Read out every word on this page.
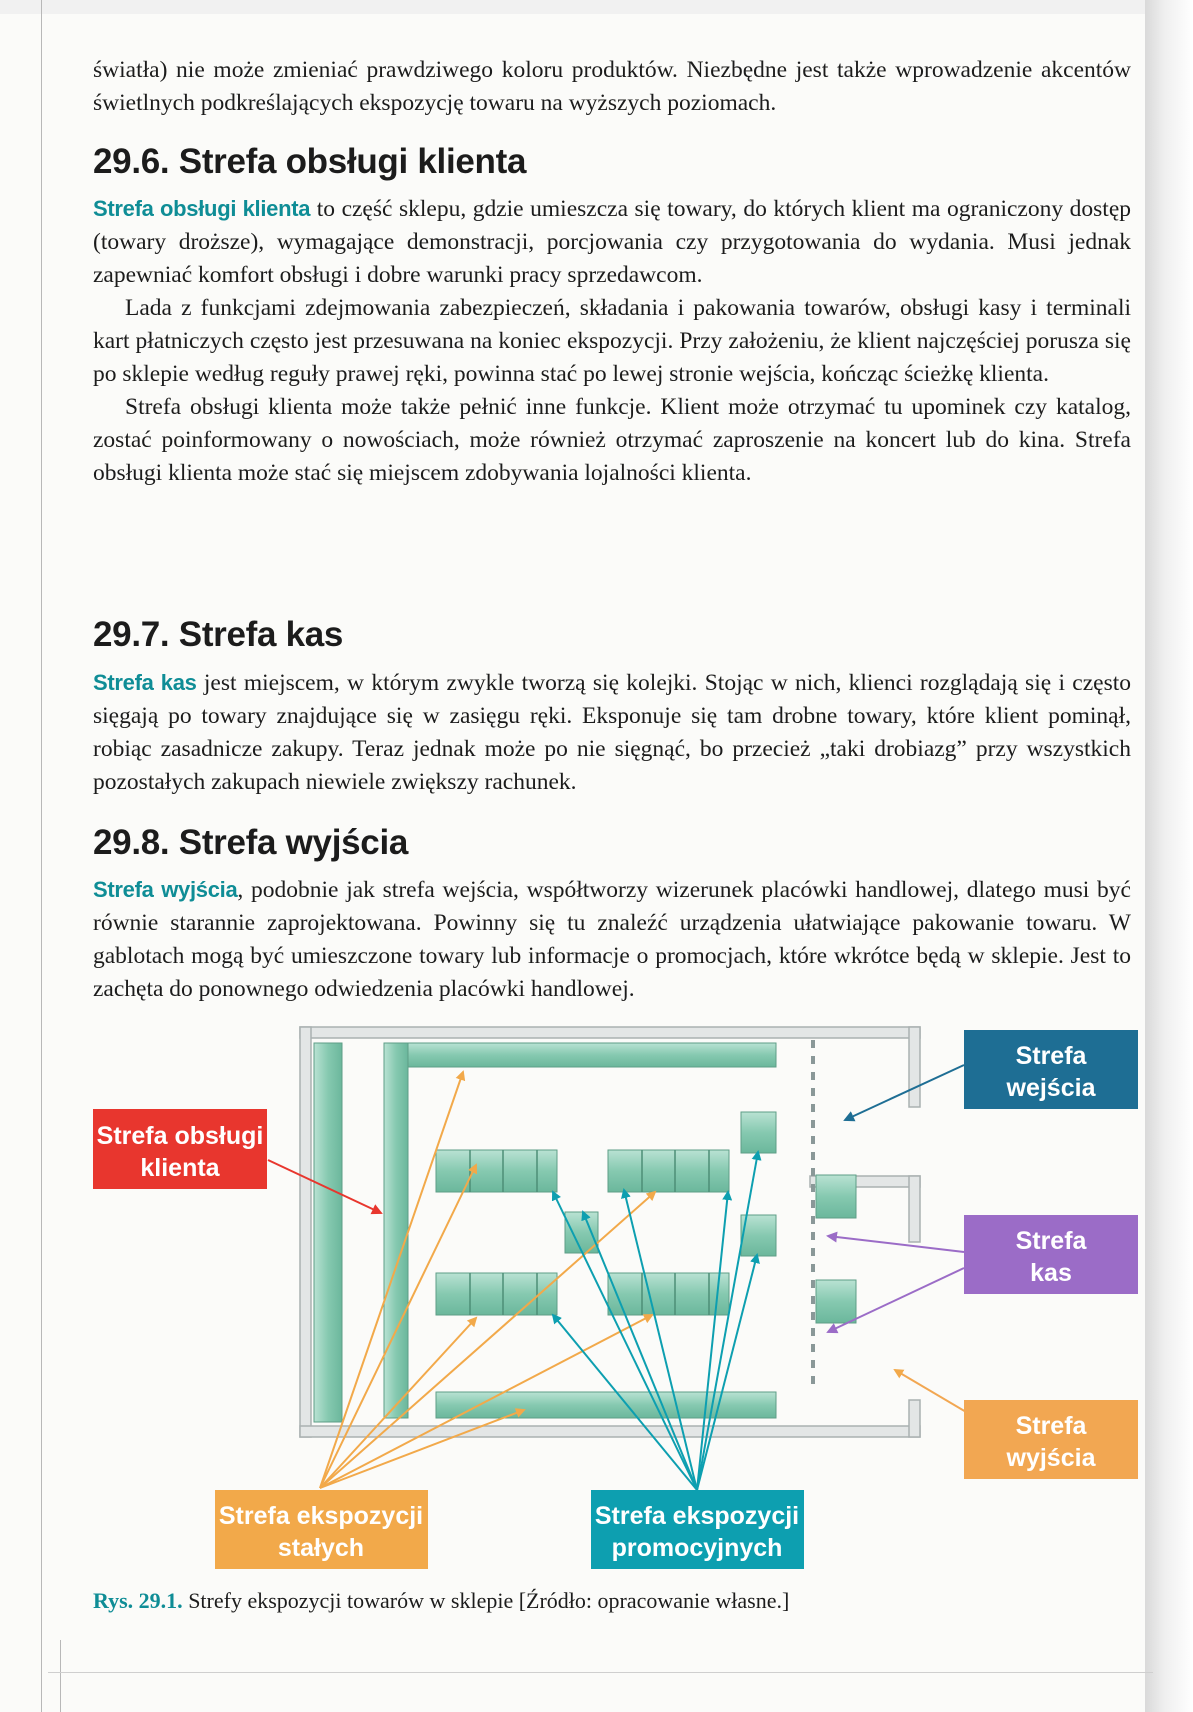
światła) nie może zmieniać prawdziwego koloru produktów. Niezbędne jest także wprowadzenie akcentów świetlnych podkreślających ekspozycję towaru na wyższych poziomach.

29.6. Strefa obsługi klienta

Strefa obsługi klienta to część sklepu, gdzie umieszcza się towary, do których klient ma ograniczony dostęp (towary droższe), wymagające demonstracji, porcjowania czy przygotowania do wydania. Musi jednak zapewniać komfort obsługi i dobre warunki pracy sprzedawcom.

Lada z funkcjami zdejmowania zabezpieczeń, składania i pakowania towarów, obsługi kasy i terminali kart płatniczych często jest przesuwana na koniec ekspozycji. Przy założeniu, że klient najczęściej porusza się po sklepie według reguły prawej ręki, powinna stać po lewej stronie wejścia, kończąc ścieżkę klienta.

Strefa obsługi klienta może także pełnić inne funkcje. Klient może otrzymać tu upominek czy katalog, zostać poinformowany o nowościach, może również otrzymać zaproszenie na koncert lub do kina. Strefa obsługi klienta może stać się miejscem zdobywania lojalności klienta.

29.7. Strefa kas

Strefa kas jest miejscem, w którym zwykle tworzą się kolejki. Stojąc w nich, klienci rozglądają się i często sięgają po towary znajdujące się w zasięgu ręki. Eksponuje się tam drobne towary, które klient pominął, robiąc zasadnicze zakupy. Teraz jednak może po nie sięgnąć, bo przecież „taki drobiazg” przy wszystkich pozostałych zakupach niewiele zwiększy rachunek.

29.8. Strefa wyjścia

Strefa wyjścia, podobnie jak strefa wejścia, współtworzy wizerunek placówki handlowej, dlatego musi być równie starannie zaprojektowana. Powinny się tu znaleźć urządzenia ułatwiające pakowanie towaru. W gablotach mogą być umieszczone towary lub informacje o promocjach, które wkrótce będą w sklepie. Jest to zachęta do ponownego odwiedzenia placówki handlowej.

Strefa obsługi
klienta
Strefa
wejścia
Strefa
kas
Strefa
wyjścia
Strefa ekspozycji
stałych
Strefa ekspozycji
promocyjnych
Rys. 29.1. Strefy ekspozycji towarów w sklepie [Źródło: opracowanie własne.]
